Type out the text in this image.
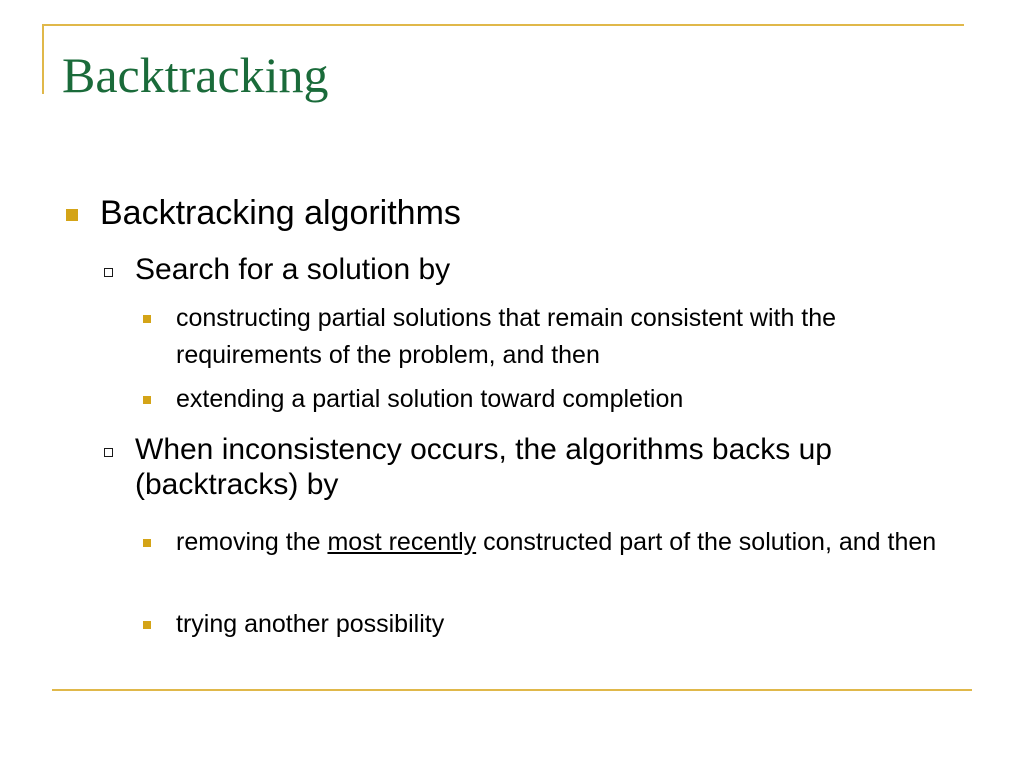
Backtracking
Backtracking algorithms
Search for a solution by
constructing partial solutions that remain consistent with the requirements of the problem, and then
extending a partial solution toward completion
When inconsistency occurs, the algorithms backs up (backtracks) by
removing the most recently constructed part of the solution, and then
trying another possibility
